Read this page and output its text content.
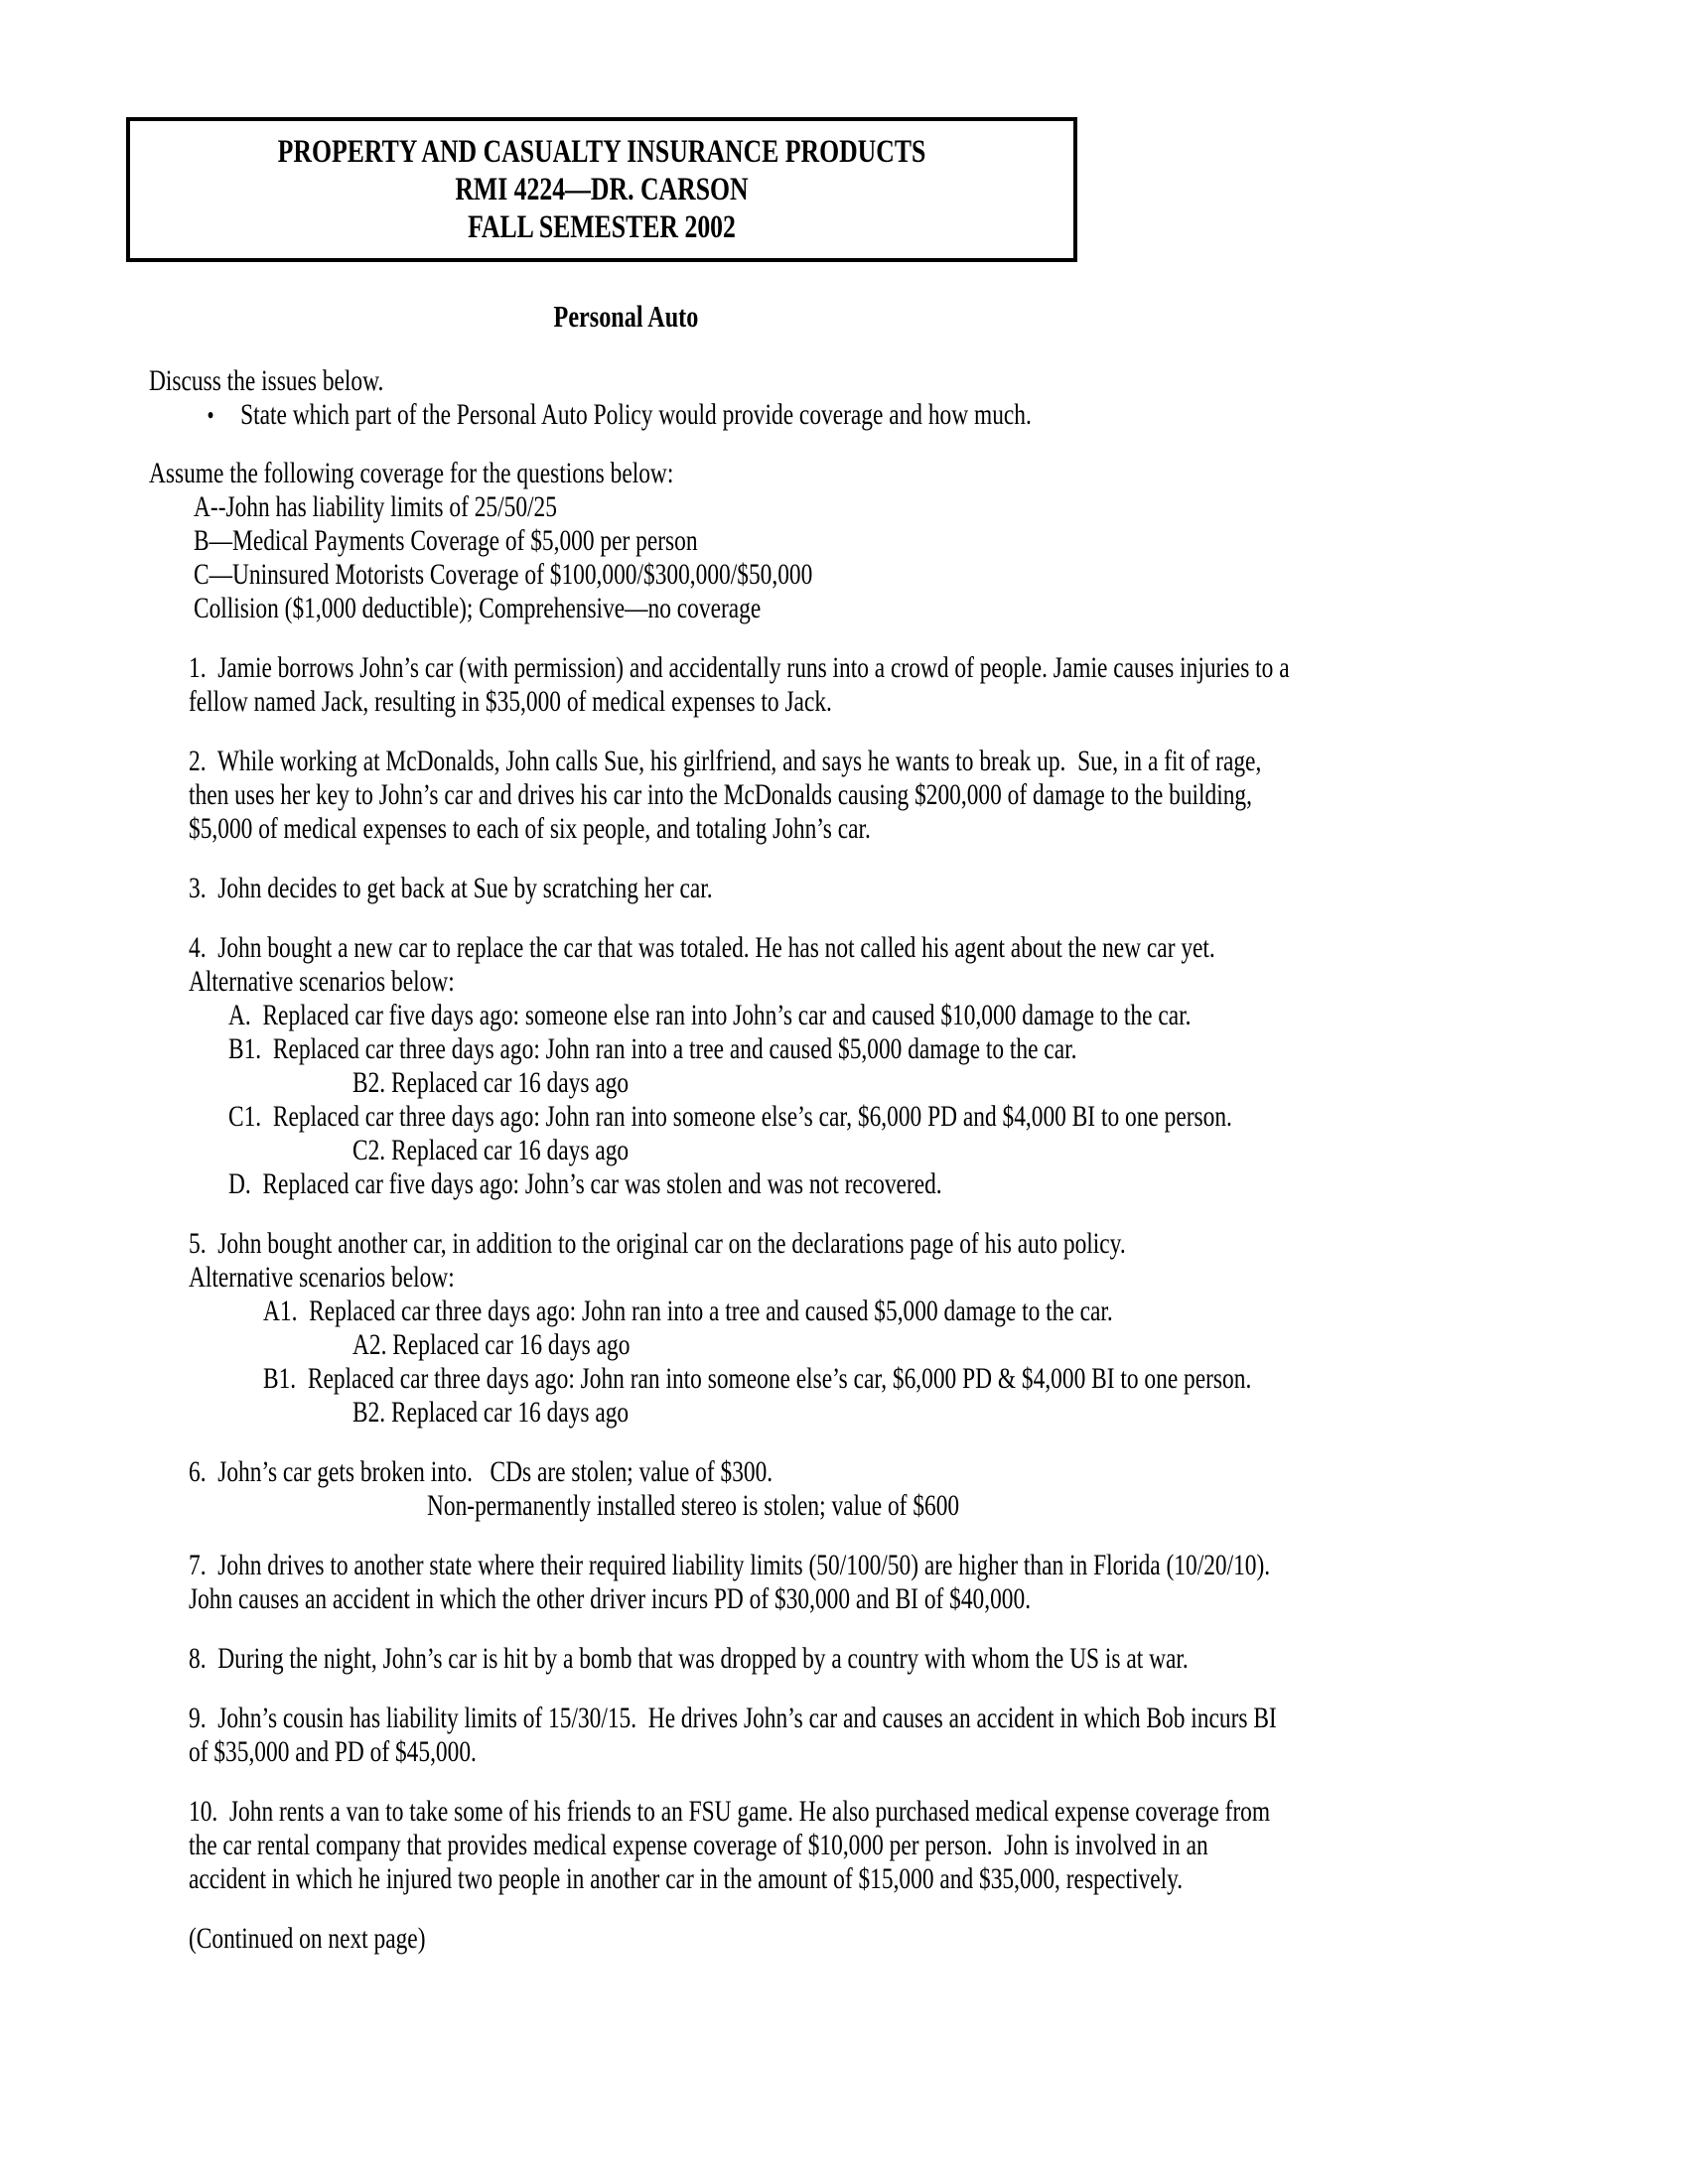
PROPERTY AND CASUALTY INSURANCE PRODUCTS
RMI 4224—DR. CARSON
FALL SEMESTER 2002
Personal Auto
Discuss the issues below.
• State which part of the Personal Auto Policy would provide coverage and how much.
Assume the following coverage for the questions below:
A--John has liability limits of 25/50/25
B—Medical Payments Coverage of $5,000 per person
C—Uninsured Motorists Coverage of $100,000/$300,000/$50,000
Collision ($1,000 deductible); Comprehensive—no coverage
1.  Jamie borrows John’s car (with permission) and accidentally runs into a crowd of people. Jamie causes injuries to a
fellow named Jack, resulting in $35,000 of medical expenses to Jack.
2.  While working at McDonalds, John calls Sue, his girlfriend, and says he wants to break up.  Sue, in a fit of rage,
then uses her key to John’s car and drives his car into the McDonalds causing $200,000 of damage to the building,
$5,000 of medical expenses to each of six people, and totaling John’s car.
3.  John decides to get back at Sue by scratching her car.
4.  John bought a new car to replace the car that was totaled. He has not called his agent about the new car yet.
Alternative scenarios below:
A.  Replaced car five days ago: someone else ran into John’s car and caused $10,000 damage to the car.
B1.  Replaced car three days ago: John ran into a tree and caused $5,000 damage to the car.
B2. Replaced car 16 days ago
C1.  Replaced car three days ago: John ran into someone else’s car, $6,000 PD and $4,000 BI to one person.
C2. Replaced car 16 days ago
D.  Replaced car five days ago: John’s car was stolen and was not recovered.
5.  John bought another car, in addition to the original car on the declarations page of his auto policy.
Alternative scenarios below:
A1.  Replaced car three days ago: John ran into a tree and caused $5,000 damage to the car.
A2. Replaced car 16 days ago
B1.  Replaced car three days ago: John ran into someone else’s car, $6,000 PD & $4,000 BI to one person.
B2. Replaced car 16 days ago
6.  John’s car gets broken into.   CDs are stolen; value of $300.
Non-permanently installed stereo is stolen; value of $600
7.  John drives to another state where their required liability limits (50/100/50) are higher than in Florida (10/20/10).
John causes an accident in which the other driver incurs PD of $30,000 and BI of $40,000.
8.  During the night, John’s car is hit by a bomb that was dropped by a country with whom the US is at war.
9.  John’s cousin has liability limits of 15/30/15.  He drives John’s car and causes an accident in which Bob incurs BI
of $35,000 and PD of $45,000.
10.  John rents a van to take some of his friends to an FSU game. He also purchased medical expense coverage from
the car rental company that provides medical expense coverage of $10,000 per person.  John is involved in an
accident in which he injured two people in another car in the amount of $15,000 and $35,000, respectively.
(Continued on next page)
